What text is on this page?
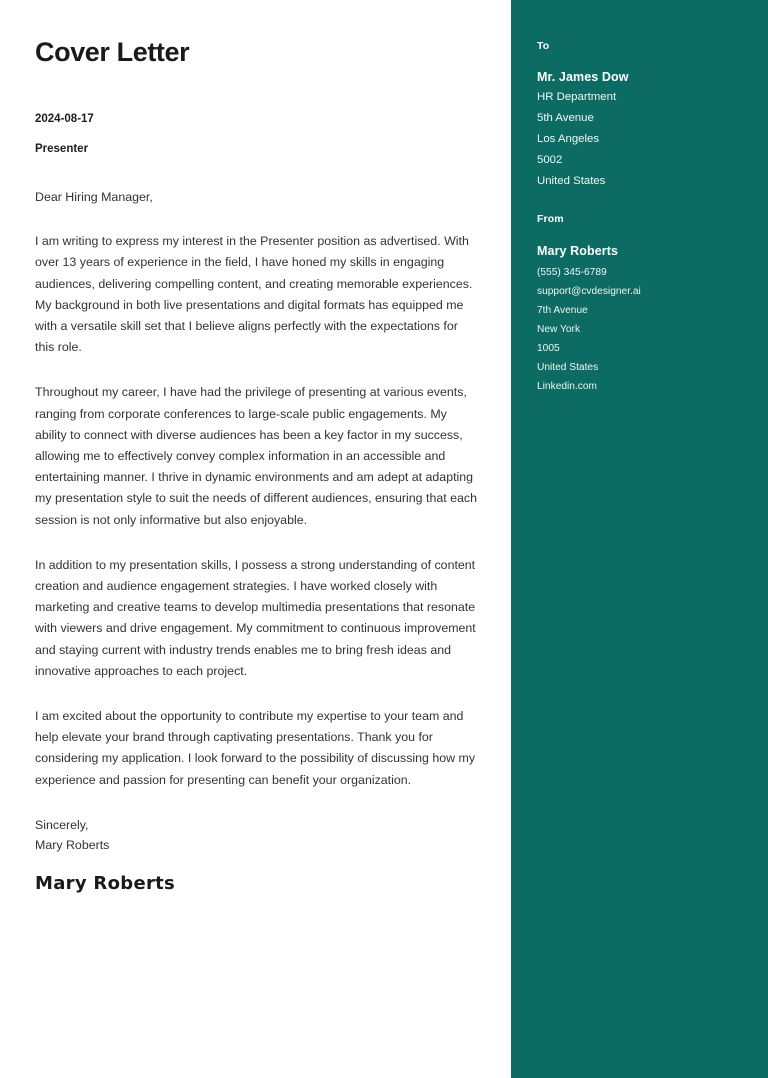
Cover Letter
2024-08-17
Presenter
Dear Hiring Manager,

I am writing to express my interest in the Presenter position as advertised. With over 13 years of experience in the field, I have honed my skills in engaging audiences, delivering compelling content, and creating memorable experiences. My background in both live presentations and digital formats has equipped me with a versatile skill set that I believe aligns perfectly with the expectations for this role.

Throughout my career, I have had the privilege of presenting at various events, ranging from corporate conferences to large-scale public engagements. My ability to connect with diverse audiences has been a key factor in my success, allowing me to effectively convey complex information in an accessible and entertaining manner. I thrive in dynamic environments and am adept at adapting my presentation style to suit the needs of different audiences, ensuring that each session is not only informative but also enjoyable.

In addition to my presentation skills, I possess a strong understanding of content creation and audience engagement strategies. I have worked closely with marketing and creative teams to develop multimedia presentations that resonate with viewers and drive engagement. My commitment to continuous improvement and staying current with industry trends enables me to bring fresh ideas and innovative approaches to each project.

I am excited about the opportunity to contribute my expertise to your team and help elevate your brand through captivating presentations. Thank you for considering my application. I look forward to the possibility of discussing how my experience and passion for presenting can benefit your organization.

Sincerely,
Mary Roberts
Mary Roberts
To
Mr. James Dow
HR Department
5th Avenue
Los Angeles
5002
United States
From
Mary Roberts
(555) 345-6789
support@cvdesigner.ai
7th Avenue
New York
1005
United States
Linkedin.com
